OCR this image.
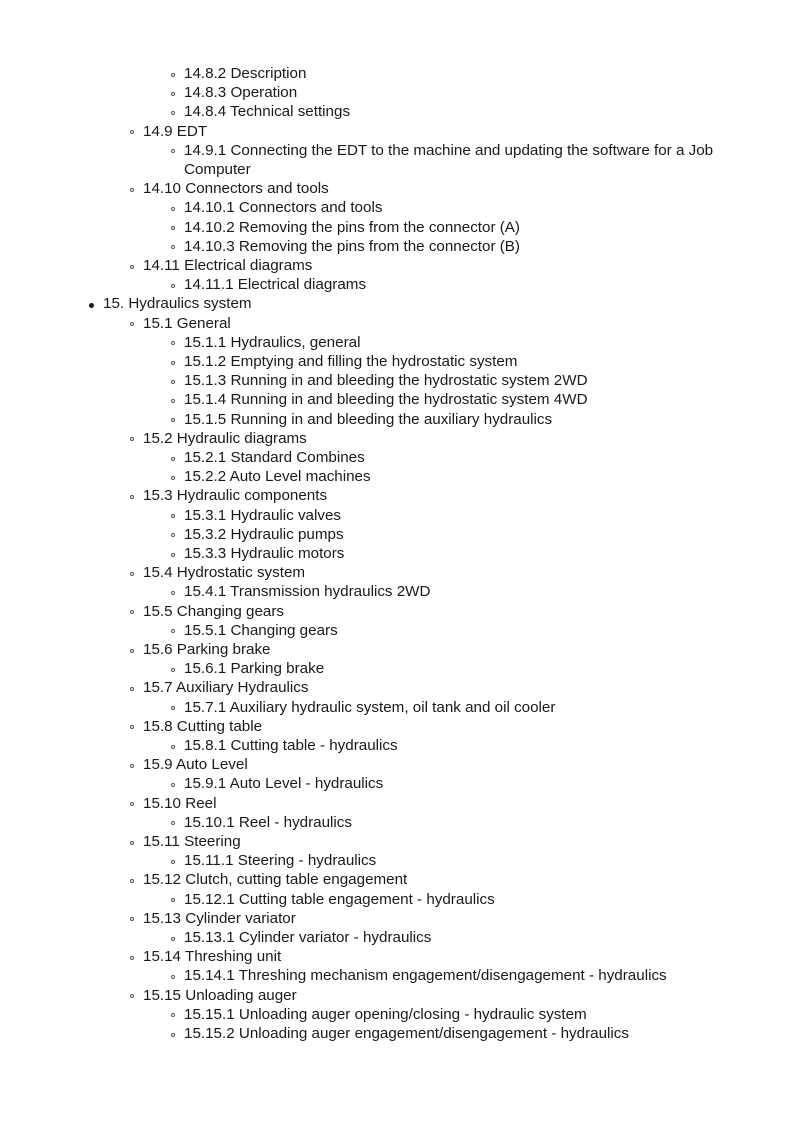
14.8.2 Description
14.8.3 Operation
14.8.4 Technical settings
14.9 EDT
14.9.1 Connecting the EDT to the machine and updating the software for a Job Computer
14.10 Connectors and tools
14.10.1 Connectors and tools
14.10.2 Removing the pins from the connector (A)
14.10.3 Removing the pins from the connector (B)
14.11 Electrical diagrams
14.11.1 Electrical diagrams
15. Hydraulics system
15.1 General
15.1.1 Hydraulics, general
15.1.2 Emptying and filling the hydrostatic system
15.1.3 Running in and bleeding the hydrostatic system 2WD
15.1.4 Running in and bleeding the hydrostatic system 4WD
15.1.5 Running in and bleeding the auxiliary hydraulics
15.2 Hydraulic diagrams
15.2.1 Standard Combines
15.2.2 Auto Level machines
15.3 Hydraulic components
15.3.1 Hydraulic valves
15.3.2 Hydraulic pumps
15.3.3 Hydraulic motors
15.4 Hydrostatic system
15.4.1 Transmission hydraulics 2WD
15.5 Changing gears
15.5.1 Changing gears
15.6 Parking brake
15.6.1 Parking brake
15.7 Auxiliary Hydraulics
15.7.1 Auxiliary hydraulic system, oil tank and oil cooler
15.8 Cutting table
15.8.1 Cutting table - hydraulics
15.9 Auto Level
15.9.1 Auto Level - hydraulics
15.10 Reel
15.10.1 Reel - hydraulics
15.11 Steering
15.11.1 Steering - hydraulics
15.12 Clutch, cutting table engagement
15.12.1 Cutting table engagement - hydraulics
15.13 Cylinder variator
15.13.1 Cylinder variator - hydraulics
15.14 Threshing unit
15.14.1 Threshing mechanism engagement/disengagement - hydraulics
15.15 Unloading auger
15.15.1 Unloading auger opening/closing - hydraulic system
15.15.2 Unloading auger engagement/disengagement - hydraulics
